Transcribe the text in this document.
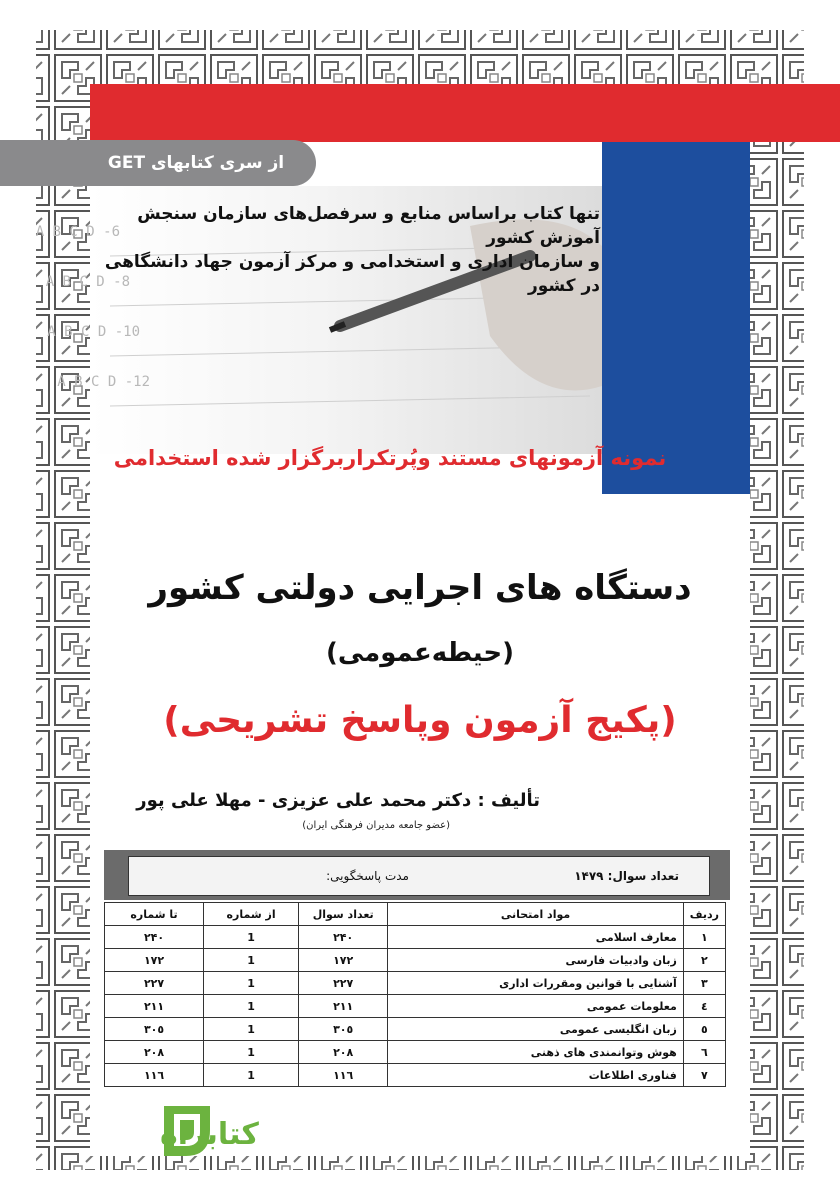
6- A B C D
8- A B C D
10- A B C D
12- A B C D
از سری کتابهای GET
تنها کتاب براساس منابع و سرفصل‌های سازمان سنجش آموزش کشور
و سازمان اداری و استخدامی و مرکز آزمون جهاد دانشگاهی در کشور
نمونه آزمونهای مستند وپُرتکراربرگزار شده استخدامی
دستگاه های اجرایی دولتی کشور
(حیطه‌عمومی)
(پکیج آزمون وپاسخ تشریحی)
تألیف : دکتر محمد علی عزیزی - مهلا علی پور
(عضو جامعه مدیران فرهنگی ایران)
تعداد سوال: ۱۴۷۹
مدت پاسخگویی:
ردیف	مواد امتحانی	تعداد سوال	از شماره	تا شماره
۱	معارف اسلامی	۲۴۰	1	۲۴۰
۲	زبان وادبیات فارسی	۱۷۲	1	۱۷۲
۳	آشنایی با قوانین ومقررات اداری	۲۲۷	1	۲۲۷
٤	معلومات عمومی	۲۱۱	1	۲۱۱
٥	زبان انگلیسی عمومی	۳۰٥	1	۳۰٥
٦	هوش وتوانمندی های ذهنی	۲۰۸	1	۲۰۸
۷	فناوری اطلاعات	۱۱٦	1	۱۱٦
کتابراه
